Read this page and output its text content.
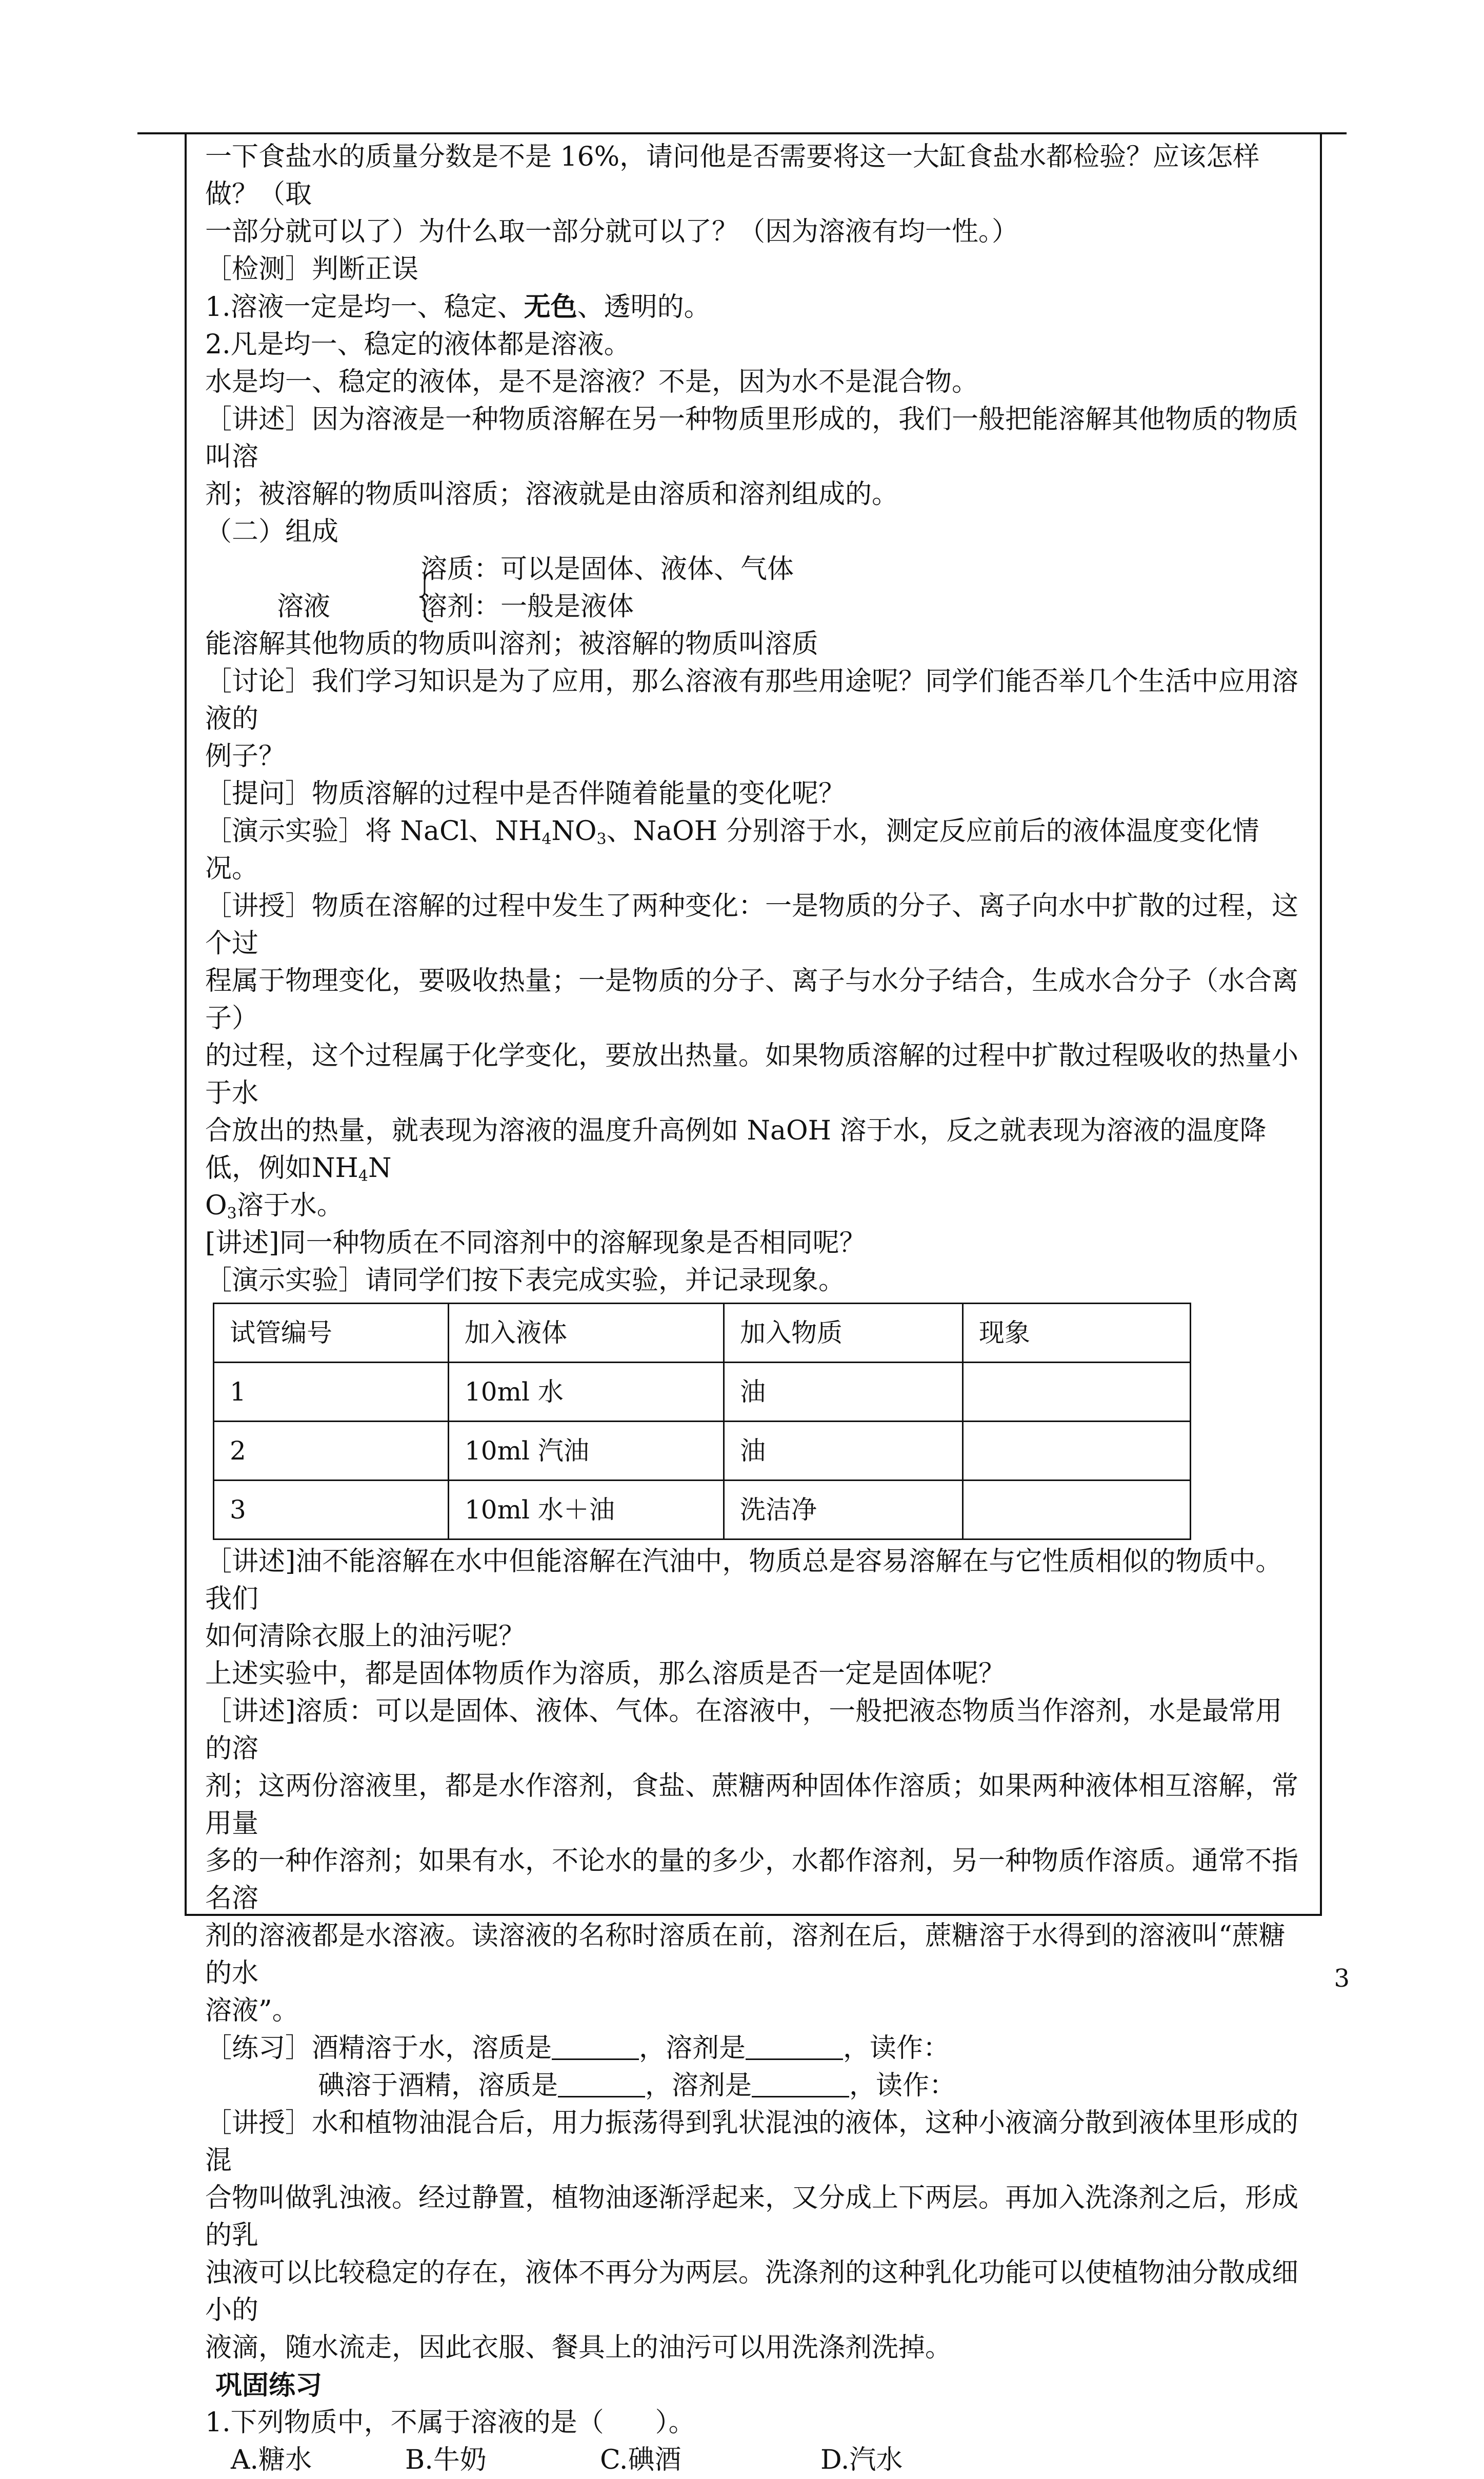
一下食盐水的质量分数是不是 16%，请问他是否需要将这一大缸食盐水都检验？应该怎样做？（取

一部分就可以了）为什么取一部分就可以了？（因为溶液有均一性。）

［检测］判断正误

1.溶液一定是均一、稳定、无色、透明的。

2.凡是均一、稳定的液体都是溶液。

水是均一、稳定的液体，是不是溶液？不是，因为水不是混合物。

［讲述］因为溶液是一种物质溶解在另一种物质里形成的，我们一般把能溶解其他物质的物质叫溶

剂；被溶解的物质叫溶质；溶液就是由溶质和溶剂组成的。

（二）组成

溶质：可以是固体、液体、气体
溶液	溶剂：一般是液体

能溶解其他物质的物质叫溶剂；被溶解的物质叫溶质

［讨论］我们学习知识是为了应用，那么溶液有那些用途呢？同学们能否举几个生活中应用溶液的

例子？

［提问］物质溶解的过程中是否伴随着能量的变化呢？

［演示实验］将 NaCl、$NH_4NO_3$、NaOH 分别溶于水，测定反应前后的液体温度变化情况。

［讲授］物质在溶解的过程中发生了两种变化：一是物质的分子、离子向水中扩散的过程，这个过

程属于物理变化，要吸收热量；一是物质的分子、离子与水分子结合，生成水合分子（水合离子）

的过程，这个过程属于化学变化，要放出热量。如果物质溶解的过程中扩散过程吸收的热量小于水

合放出的热量，就表现为溶液的温度升高例如 NaOH 溶于水，反之就表现为溶液的温度降低，例如$NH_4N$

$O_3$溶于水。

[讲述]同一种物质在不同溶剂中的溶解现象是否相同呢？

［演示实验］请同学们按下表完成实验，并记录现象。

试管编号	加入液体	加入物质	现象
1	10ml 水	油	
2	10ml 汽油	油	
3	10ml 水＋油	洗洁净	

［讲述]油不能溶解在水中但能溶解在汽油中，物质总是容易溶解在与它性质相似的物质中。我们

如何清除衣服上的油污呢？

上述实验中，都是固体物质作为溶质，那么溶质是否一定是固体呢？

［讲述]溶质：可以是固体、液体、气体。在溶液中，一般把液态物质当作溶剂，水是最常用的溶

剂；这两份溶液里，都是水作溶剂，食盐、蔗糖两种固体作溶质；如果两种液体相互溶解，常用量

多的一种作溶剂；如果有水，不论水的量的多少，水都作溶剂，另一种物质作溶质。通常不指名溶

剂的溶液都是水溶液。读溶液的名称时溶质在前，溶剂在后，蔗糖溶于水得到的溶液叫“蔗糖的水

溶液”。

［练习］酒精溶于水，溶质是	，溶剂是	，读作：

碘溶于酒精，溶质是	，溶剂是	，读作：

［讲授］水和植物油混合后，用力振荡得到乳状混浊的液体，这种小液滴分散到液体里形成的混

合物叫做乳浊液。经过静置，植物油逐渐浮起来，又分成上下两层。再加入洗涤剂之后，形成的乳

浊液可以比较稳定的存在，液体不再分为两层。洗涤剂的这种乳化功能可以使植物油分散成细小的

液滴，随水流走，因此衣服、餐具上的油污可以用洗涤剂洗掉。

巩固练习

1.下列物质中，不属于溶液的是（ ）。

A.糖水	B.牛奶	C.碘酒	D.汽水

3
